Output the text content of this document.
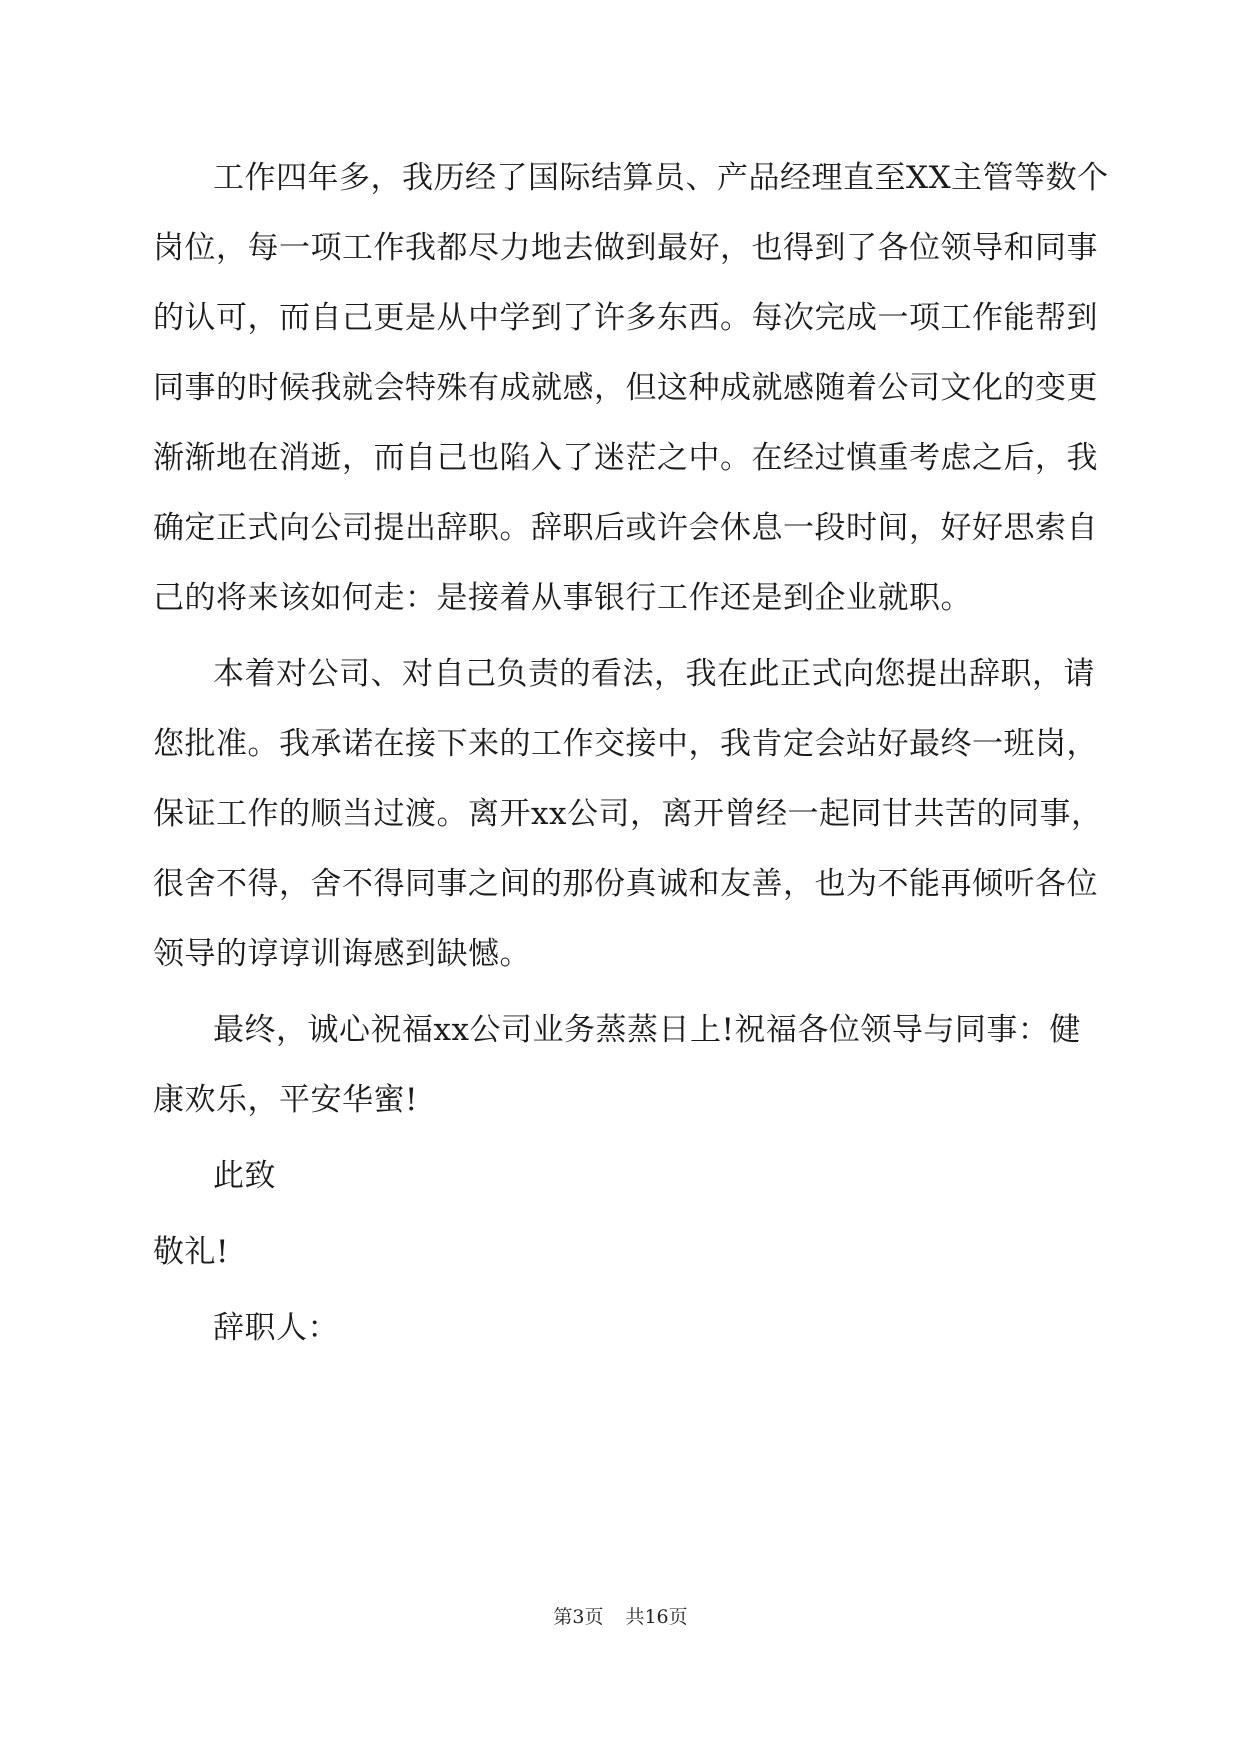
工作四年多，我历经了国际结算员、产品经理直至XX主管等数个
岗位，每一项工作我都尽力地去做到最好，也得到了各位领导和同事
的认可，而自己更是从中学到了许多东西。每次完成一项工作能帮到
同事的时候我就会特殊有成就感，但这种成就感随着公司文化的变更
渐渐地在消逝，而自己也陷入了迷茫之中。在经过慎重考虑之后，我
确定正式向公司提出辞职。辞职后或许会休息一段时间，好好思索自
己的将来该如何走：是接着从事银行工作还是到企业就职。
本着对公司、对自己负责的看法，我在此正式向您提出辞职，请
您批准。我承诺在接下来的工作交接中，我肯定会站好最终一班岗，
保证工作的顺当过渡。离开xx公司，离开曾经一起同甘共苦的同事，
很舍不得，舍不得同事之间的那份真诚和友善，也为不能再倾听各位
领导的谆谆训诲感到缺憾。
最终，诚心祝福xx公司业务蒸蒸日上!祝福各位领导与同事：健
康欢乐，平安华蜜!
此致
敬礼!
辞职人：
第3页 共16页
